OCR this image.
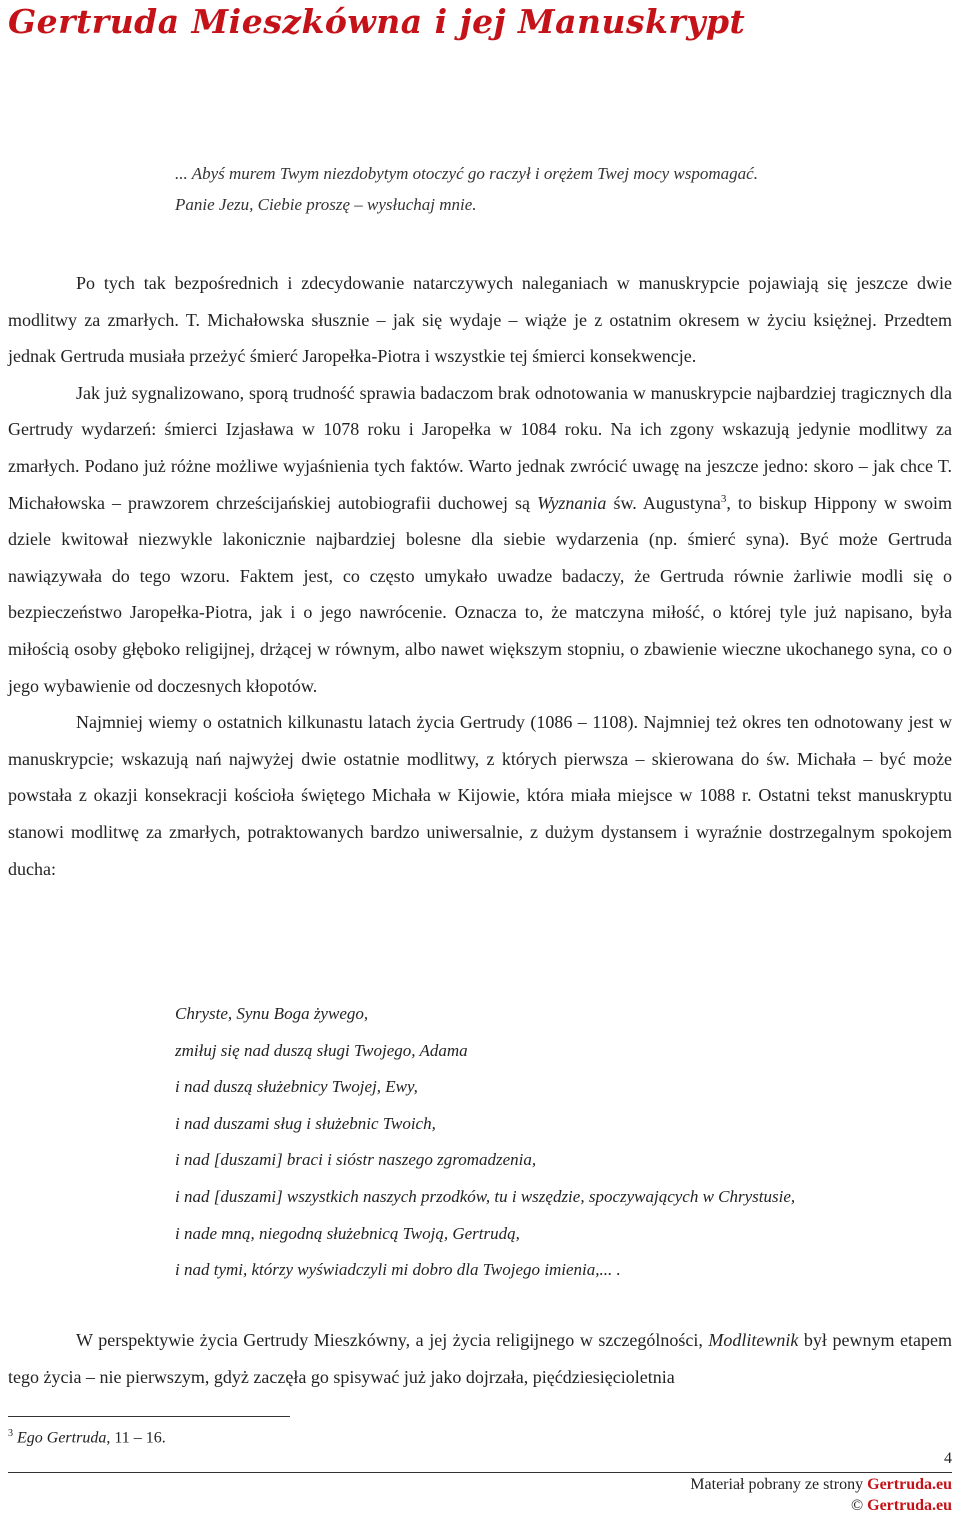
Gertruda Mieszkówna i jej Manuskrypt
... Abyś murem Twym niezdobytym otoczyć go raczył i orężem Twej mocy wspomagać.
Panie Jezu, Ciebie proszę – wysłuchaj mnie.

Po tych tak bezpośrednich i zdecydowanie natarczywych naleganiach w manuskrypcie pojawiają się jeszcze dwie modlitwy za zmarłych. T. Michałowska słusznie – jak się wydaje – wiąże je z ostatnim okresem w życiu księżnej. Przedtem jednak Gertruda musiała przeżyć śmierć Jaropełka-Piotra i wszystkie tej śmierci konsekwencje.

Jak już sygnalizowano, sporą trudność sprawia badaczom brak odnotowania w manuskrypcie najbardziej tragicznych dla Gertrudy wydarzeń: śmierci Izjasława w 1078 roku i Jaropełka w 1084 roku. Na ich zgony wskazują jedynie modlitwy za zmarłych. Podano już różne możliwe wyjaśnienia tych faktów. Warto jednak zwrócić uwagę na jeszcze jedno: skoro – jak chce T. Michałowska – prawzorem chrześcijańskiej autobiografii duchowej są Wyznania św. Augustyna$^3$, to biskup Hippony w swoim dziele kwitował niezwykle lakonicznie najbardziej bolesne dla siebie wydarzenia (np. śmierć syna). Być może Gertruda nawiązywała do tego wzoru. Faktem jest, co często umykało uwadze badaczy, że Gertruda równie żarliwie modli się o bezpieczeństwo Jaropełka-Piotra, jak i o jego nawrócenie. Oznacza to, że matczyna miłość, o której tyle już napisano, była miłością osoby głęboko religijnej, drżącej w równym, albo nawet większym stopniu, o zbawienie wieczne ukochanego syna, co o jego wybawienie od doczesnych kłopotów.

Najmniej wiemy o ostatnich kilkunastu latach życia Gertrudy (1086 – 1108). Najmniej też okres ten odnotowany jest w manuskrypcie; wskazują nań najwyżej dwie ostatnie modlitwy, z których pierwsza – skierowana do św. Michała – być może powstała z okazji konsekracji kościoła świętego Michała w Kijowie, która miała miejsce w 1088 r. Ostatni tekst manuskryptu stanowi modlitwę za zmarłych, potraktowanych bardzo uniwersalnie, z dużym dystansem i wyraźnie dostrzegalnym spokojem ducha:

Chryste, Synu Boga żywego,
zmiłuj się nad duszą sługi Twojego, Adama
i nad duszą służebnicy Twojej, Ewy,
i nad duszami sług i służebnic Twoich,
i nad [duszami] braci i sióstr naszego zgromadzenia,
i nad [duszami] wszystkich naszych przodków, tu i wszędzie, spoczywających w Chrystusie,
i nade mną, niegodną służebnicą Twoją, Gertrudą,
i nad tymi, którzy wyświadczyli mi dobro dla Twojego imienia,... .

W perspektywie życia Gertrudy Mieszkówny, a jej życia religijnego w szczególności, Modlitewnik był pewnym etapem tego życia – nie pierwszym, gdyż zaczęła go spisywać już jako dojrzała, pięćdziesięcioletnia

$^3$ Ego Gertruda, 11 – 16.
4
Materiał pobrany ze strony Gertruda.eu
© Gertruda.eu
